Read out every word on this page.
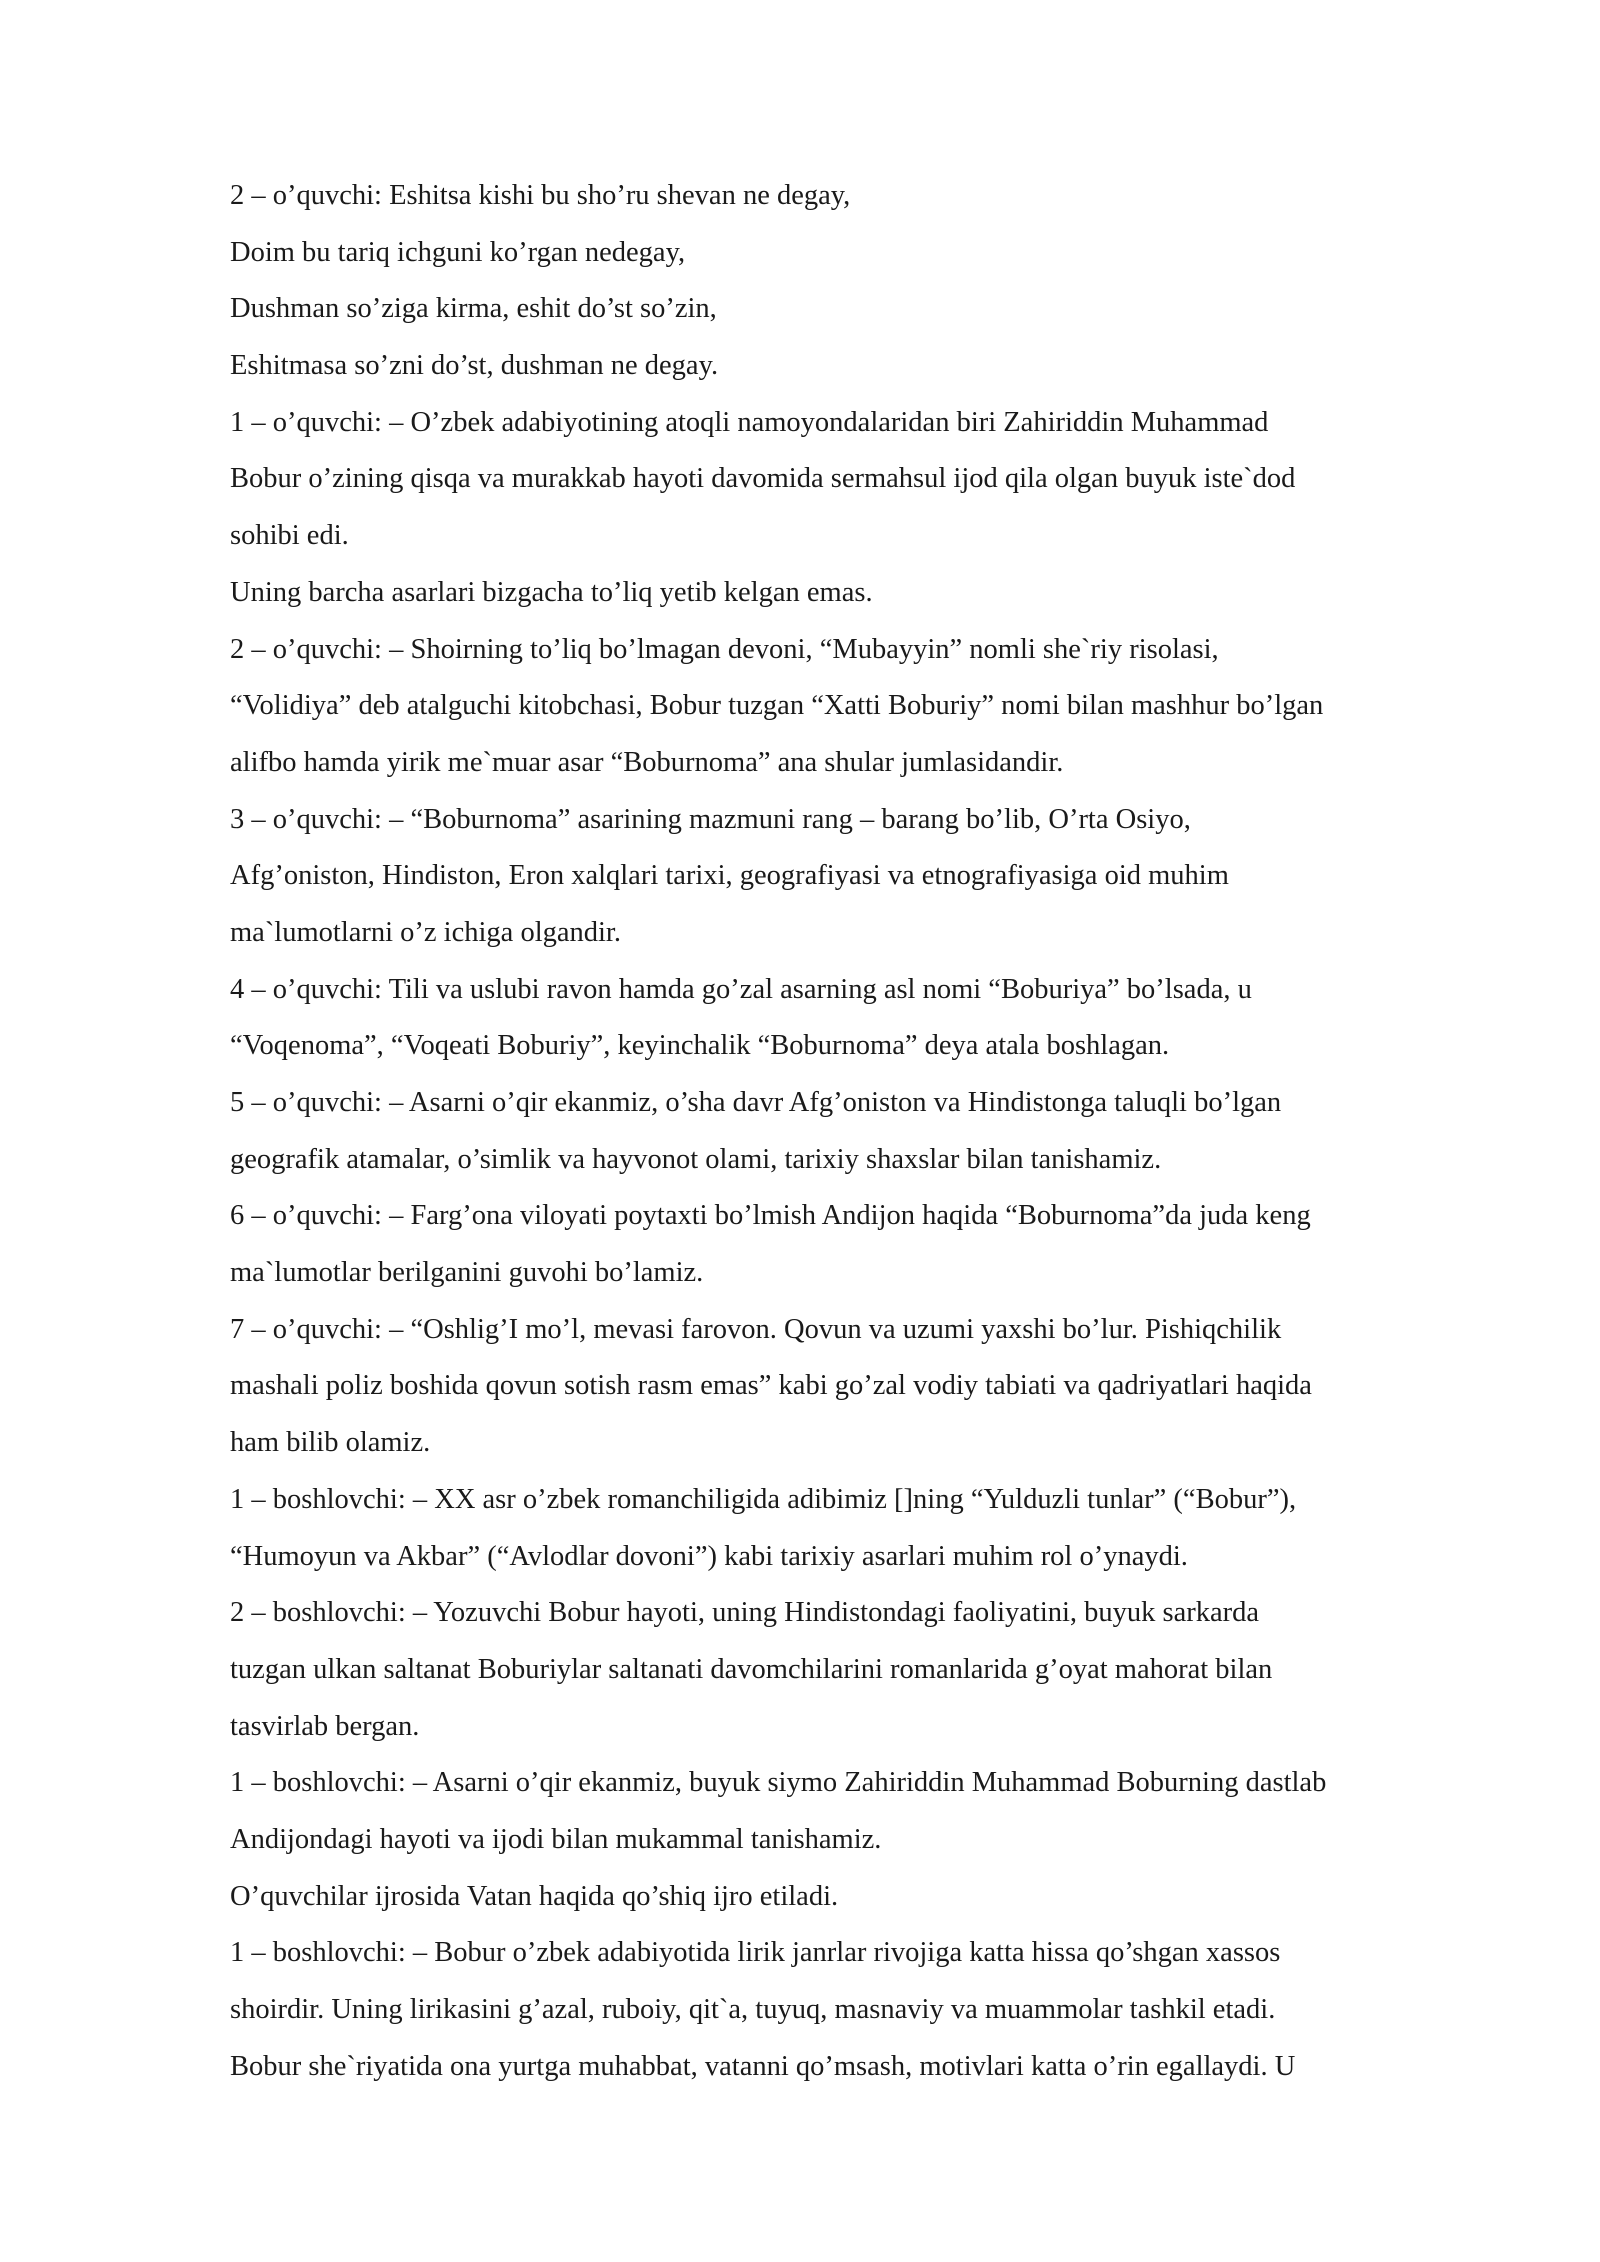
2 – o’quvchi: Eshitsa kishi bu sho’ru shevan ne degay,
Doim bu tariq ichguni ko’rgan nedegay,
Dushman so’ziga kirma, eshit do’st so’zin,
Eshitmasa so’zni do’st, dushman ne degay.
1 – o’quvchi: – O’zbek adabiyotining atoqli namoyondalaridan biri Zahiriddin Muhammad
Bobur o’zining qisqa va murakkab hayoti davomida sermahsul ijod qila olgan buyuk iste`dod
sohibi edi.
Uning barcha asarlari bizgacha to’liq yetib kelgan emas.
2 – o’quvchi: – Shoirning to’liq bo’lmagan devoni, “Mubayyin” nomli she`riy risolasi,
“Volidiya” deb atalguchi kitobchasi, Bobur tuzgan “Xatti Boburiy” nomi bilan mashhur bo’lgan
alifbo hamda yirik me`muar asar “Boburnoma” ana shular jumlasidandir.
3 – o’quvchi: – “Boburnoma” asarining mazmuni rang – barang bo’lib, O’rta Osiyo,
Afg’oniston, Hindiston, Eron xalqlari tarixi, geografiyasi va etnografiyasiga oid muhim
ma`lumotlarni o’z ichiga olgandir.
4 – o’quvchi: Tili va uslubi ravon hamda go’zal asarning asl nomi “Boburiya” bo’lsada, u
“Voqenoma”, “Voqeati Boburiy”, keyinchalik “Boburnoma” deya atala boshlagan.
5 – o’quvchi: – Asarni o’qir ekanmiz, o’sha davr Afg’oniston va Hindistonga taluqli bo’lgan
geografik atamalar, o’simlik va hayvonot olami, tarixiy shaxslar bilan tanishamiz.
6 – o’quvchi: – Farg’ona viloyati poytaxti bo’lmish Andijon haqida “Boburnoma”da juda keng
ma`lumotlar berilganini guvohi bo’lamiz.
7 – o’quvchi: – “Oshlig’I mo’l, mevasi farovon. Qovun va uzumi yaxshi bo’lur. Pishiqchilik
mashali poliz boshida qovun sotish rasm emas” kabi go’zal vodiy tabiati va qadriyatlari haqida
ham bilib olamiz.
1 – boshlovchi: – XX asr o’zbek romanchiligida adibimiz []ning “Yulduzli tunlar” (“Bobur”),
“Humoyun va Akbar” (“Avlodlar dovoni”) kabi tarixiy asarlari muhim rol o’ynaydi.
2 – boshlovchi: – Yozuvchi Bobur hayoti, uning Hindistondagi faoliyatini, buyuk sarkarda
tuzgan ulkan saltanat Boburiylar saltanati davomchilarini romanlarida g’oyat mahorat bilan
tasvirlab bergan.
1 – boshlovchi: – Asarni o’qir ekanmiz, buyuk siymo Zahiriddin Muhammad Boburning dastlab
Andijondagi hayoti va ijodi bilan mukammal tanishamiz.
O’quvchilar ijrosida Vatan haqida qo’shiq ijro etiladi.
1 – boshlovchi: – Bobur o’zbek adabiyotida lirik janrlar rivojiga katta hissa qo’shgan xassos
shoirdir. Uning lirikasini g’azal, ruboiy, qit`a, tuyuq, masnaviy va muammolar tashkil etadi.
Bobur she`riyatida ona yurtga muhabbat, vatanni qo’msash, motivlari katta o’rin egallaydi. U
